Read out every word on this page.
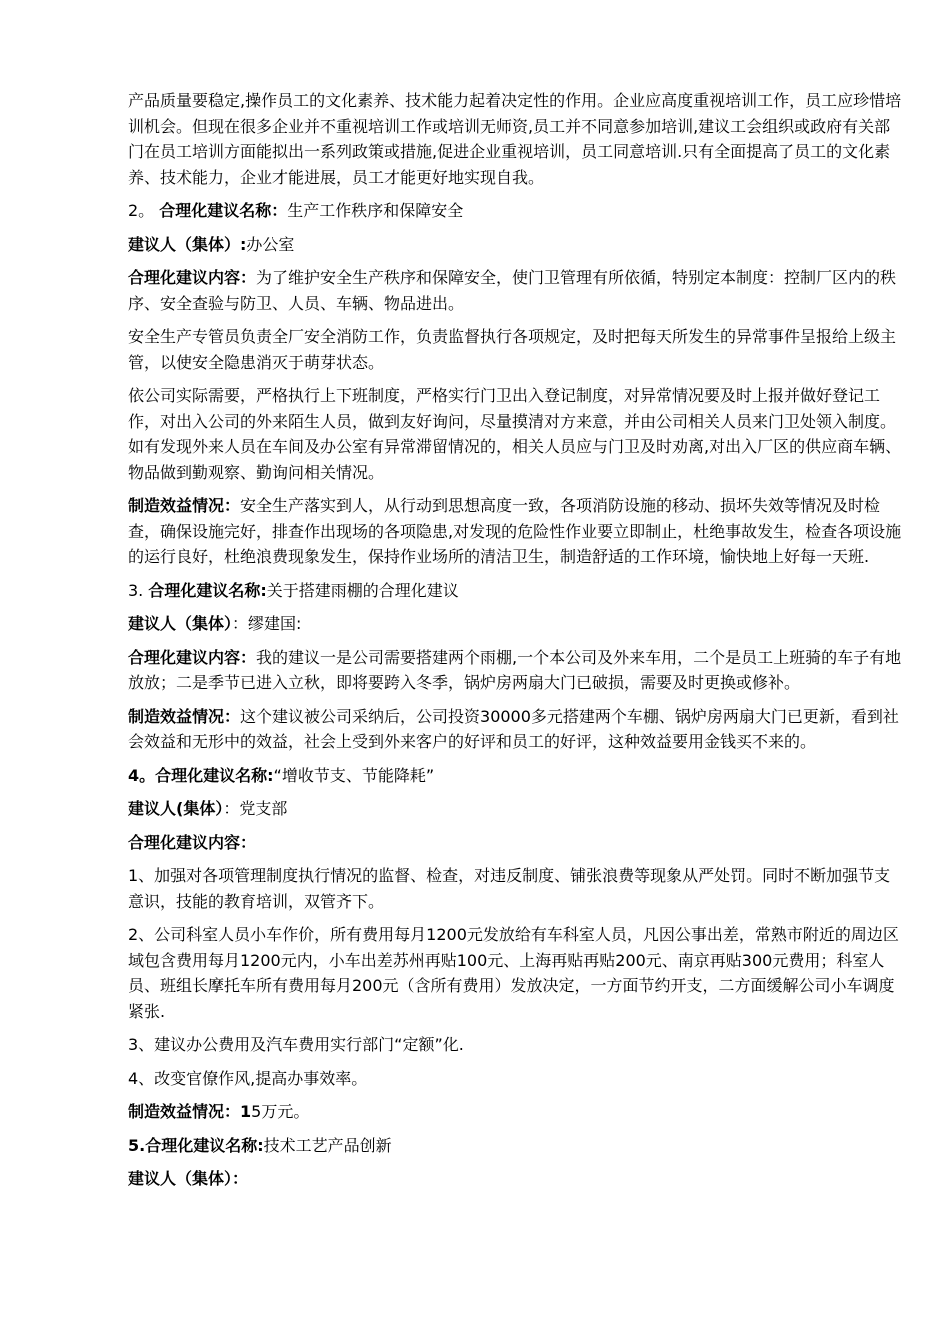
产品质量要稳定,操作员工的文化素养、技术能力起着决定性的作用。企业应高度重视培训工作，员工应珍惜培训机会。但现在很多企业并不重视培训工作或培训无师资,员工并不同意参加培训,建议工会组织或政府有关部门在员工培训方面能拟出一系列政策或措施,促进企业重视培训，员工同意培训.只有全面提高了员工的文化素养、技术能力，企业才能进展，员工才能更好地实现自我。

2。 合理化建议名称：生产工作秩序和保障安全

建议人（集体）:办公室

合理化建议内容：为了维护安全生产秩序和保障安全，使门卫管理有所依循，特别定本制度：控制厂区内的秩序、安全查验与防卫、人员、车辆、物品进出。

安全生产专管员负责全厂安全消防工作，负责监督执行各项规定，及时把每天所发生的异常事件呈报给上级主管，以使安全隐患消灭于萌芽状态。

依公司实际需要，严格执行上下班制度，严格实行门卫出入登记制度，对异常情况要及时上报并做好登记工作，对出入公司的外来陌生人员，做到友好询问，尽量摸清对方来意，并由公司相关人员来门卫处领入制度。如有发现外来人员在车间及办公室有异常滞留情况的，相关人员应与门卫及时劝离,对出入厂区的供应商车辆、物品做到勤观察、勤询问相关情况。

制造效益情况：安全生产落实到人，从行动到思想高度一致，各项消防设施的移动、损坏失效等情况及时检查，确保设施完好，排查作出现场的各项隐患,对发现的危险性作业要立即制止，杜绝事故发生，检查各项设施的运行良好，杜绝浪费现象发生，保持作业场所的清洁卫生，制造舒适的工作环境，愉快地上好每一天班.

3. 合理化建议名称:关于搭建雨棚的合理化建议

建议人（集体）：缪建国:

合理化建议内容：我的建议一是公司需要搭建两个雨棚,一个本公司及外来车用，二个是员工上班骑的车子有地放放；二是季节已进入立秋，即将要跨入冬季，锅炉房两扇大门已破损，需要及时更换或修补。

制造效益情况：这个建议被公司采纳后，公司投资30000多元搭建两个车棚、锅炉房两扇大门已更新，看到社会效益和无形中的效益，社会上受到外来客户的好评和员工的好评，这种效益要用金钱买不来的。

4。合理化建议名称:“增收节支、节能降耗”

建议人(集体）：党支部

合理化建议内容：

1、加强对各项管理制度执行情况的监督、检查，对违反制度、铺张浪费等现象从严处罚。同时不断加强节支意识，技能的教育培训，双管齐下。

2、公司科室人员小车作价，所有费用每月1200元发放给有车科室人员，凡因公事出差，常熟市附近的周边区域包含费用每月1200元内，小车出差苏州再贴100元、上海再贴再贴200元、南京再贴300元费用；科室人员、班组长摩托车所有费用每月200元（含所有费用）发放决定，一方面节约开支，二方面缓解公司小车调度紧张.

3、建议办公费用及汽车费用实行部门“定额”化.

4、改变官僚作风,提高办事效率。

制造效益情况：15万元。

5.合理化建议名称:技术工艺产品创新

建议人（集体）：
